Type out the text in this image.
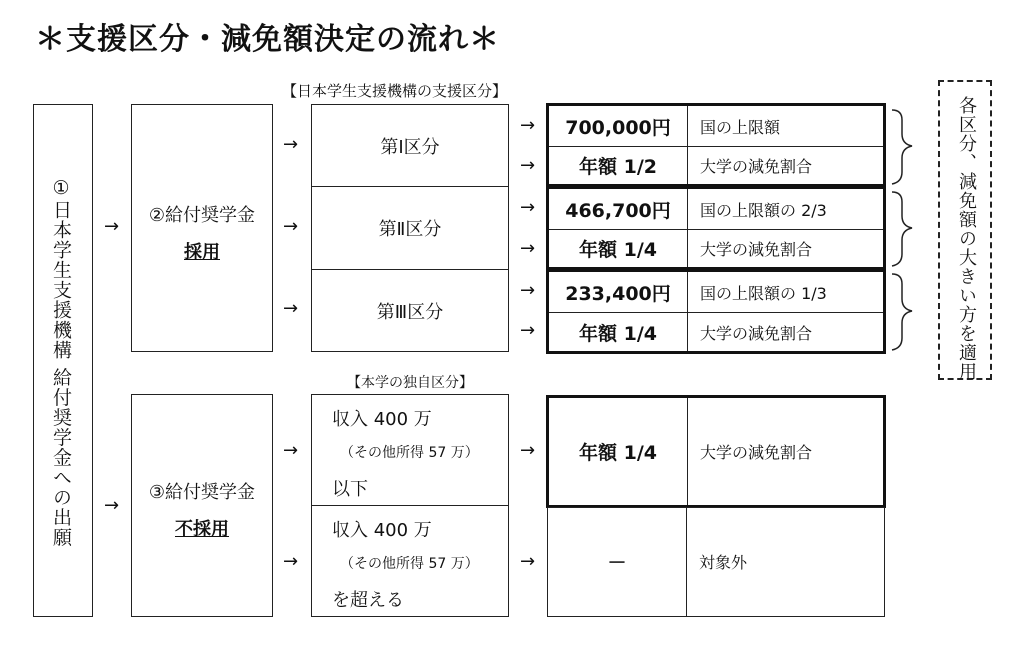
＊支援区分・減免額決定の流れ＊
【日本学生支援機構の支援区分】
【本学の独自区分】
①日本学生支援機構 給付奨学金への出願 →
→
②給付奨学金
採用
③給付奨学金
不採用
→
→
→
第Ⅰ区分
第Ⅱ区分
第Ⅲ区分
→
→
→
→
→
→
700,000円	国の上限額
年額 1/2	大学の減免割合
466,700円	国の上限額の 2/3
年額 1/4	大学の減免割合
233,400円	国の上限額の 1/3
年額 1/4	大学の減免割合	各区分、減免額の大きい方を適用
→
→
収入 400 万
（その他所得 57 万）
以下
収入 400 万
（その他所得 57 万）
を超える
→
→
年額 1/4	大学の減免割合
－	対象外
